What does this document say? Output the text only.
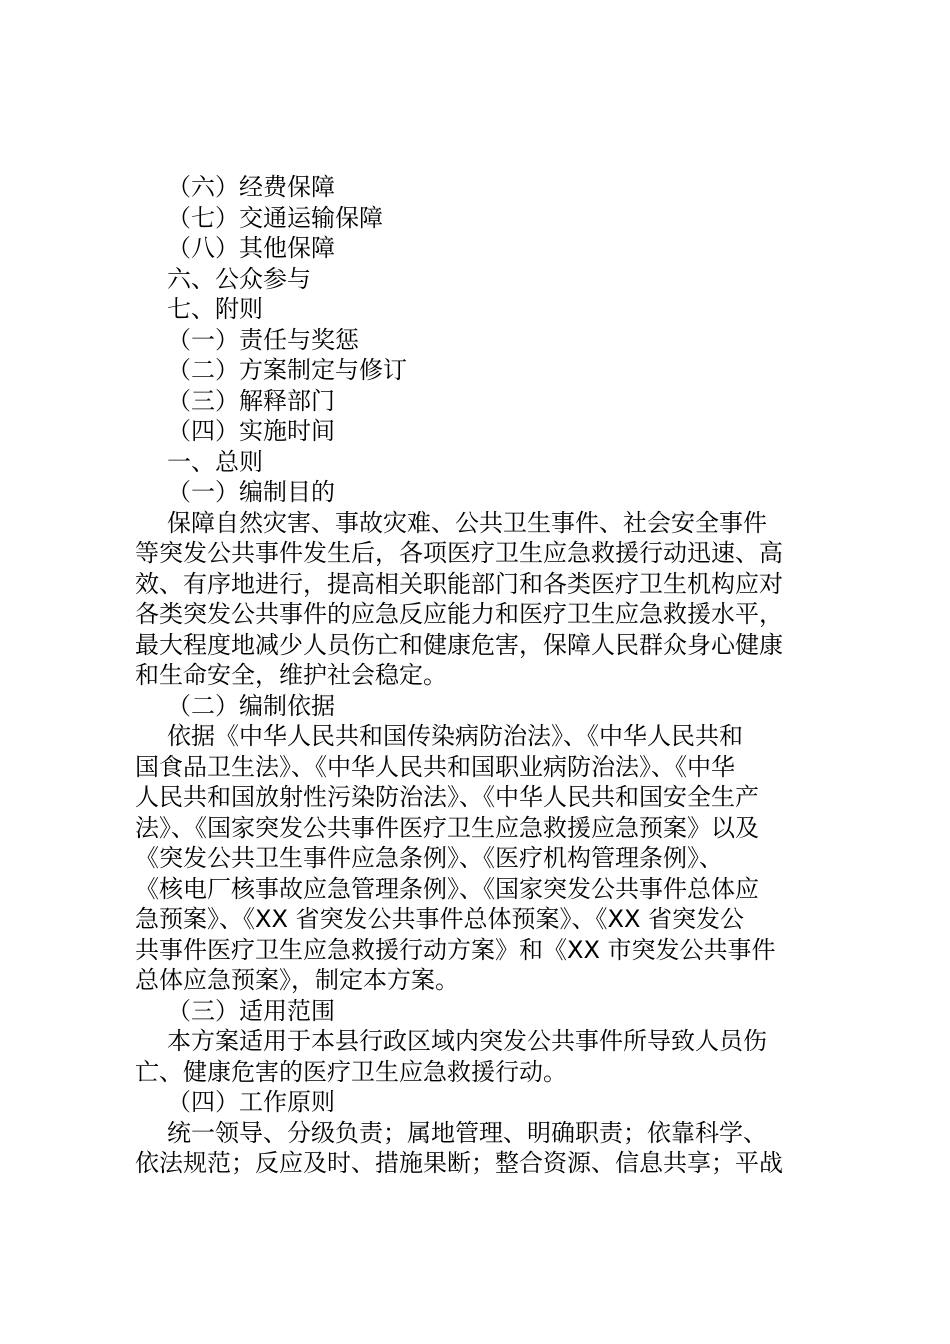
（六）经费保障

（七）交通运输保障

（八）其他保障

六、公众参与

七、附则

（一）责任与奖惩

（二）方案制定与修订

（三）解释部门

（四）实施时间

一、总则

（一）编制目的

保障自然灾害、事故灾难、公共卫生事件、社会安全事件
等突发公共事件发生后，各项医疗卫生应急救援行动迅速、高
效、有序地进行，提高相关职能部门和各类医疗卫生机构应对
各类突发公共事件的应急反应能力和医疗卫生应急救援水平，
最大程度地减少人员伤亡和健康危害，保障人民群众身心健康
和生命安全，维护社会稳定。

（二）编制依据

依据《中华人民共和国传染病防治法》、《中华人民共和
国食品卫生法》、《中华人民共和国职业病防治法》、《中华
人民共和国放射性污染防治法》、《中华人民共和国安全生产
法》、《国家突发公共事件医疗卫生应急救援应急预案》以及
《突发公共卫生事件应急条例》、《医疗机构管理条例》、
《核电厂核事故应急管理条例》、《国家突发公共事件总体应
急预案》、《XX 省突发公共事件总体预案》、《XX 省突发公
共事件医疗卫生应急救援行动方案》和《XX 市突发公共事件
总体应急预案》，制定本方案。

（三）适用范围

本方案适用于本县行政区域内突发公共事件所导致人员伤
亡、健康危害的医疗卫生应急救援行动。

（四）工作原则

统一领导、分级负责；属地管理、明确职责；依靠科学、
依法规范；反应及时、措施果断；整合资源、信息共享；平战
